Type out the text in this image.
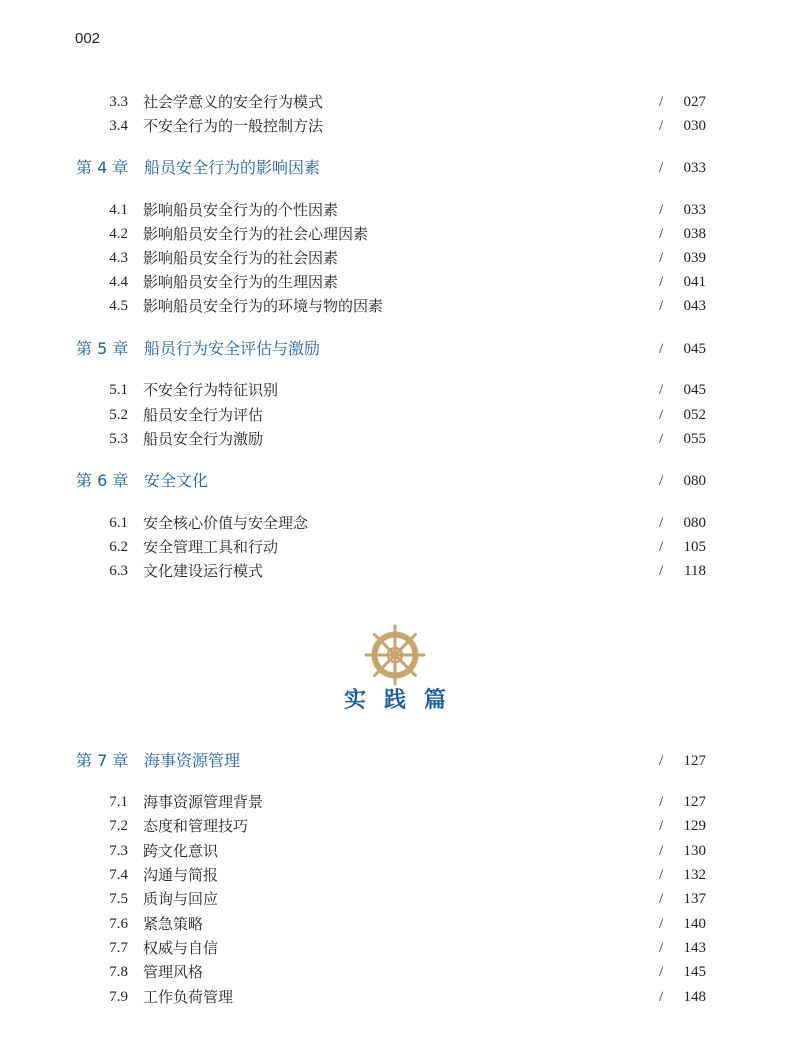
002
3.3 社会学意义的安全行为模式	/ 027
3.4 不安全行为的一般控制方法	/ 030
第 4 章 船员安全行为的影响因素	/ 033
4.1 影响船员安全行为的个性因素	/ 033
4.2 影响船员安全行为的社会心理因素	/ 038
4.3 影响船员安全行为的社会因素	/ 039
4.4 影响船员安全行为的生理因素	/ 041
4.5 影响船员安全行为的环境与物的因素	/ 043
第 5 章 船员行为安全评估与激励	/ 045
5.1 不安全行为特征识别	/ 045
5.2 船员安全行为评估	/ 052
5.3 船员安全行为激励	/ 055
第 6 章 安全文化	/ 080
6.1 安全核心价值与安全理念	/ 080
6.2 安全管理工具和行动	/ 105
6.3 文化建设运行模式	/ 118
实践篇
第 7 章 海事资源管理	/ 127
7.1 海事资源管理背景	/ 127
7.2 态度和管理技巧	/ 129
7.3 跨文化意识	/ 130
7.4 沟通与简报	/ 132
7.5 质询与回应	/ 137
7.6 紧急策略	/ 140
7.7 权威与自信	/ 143
7.8 管理风格	/ 145
7.9 工作负荷管理	/ 148
